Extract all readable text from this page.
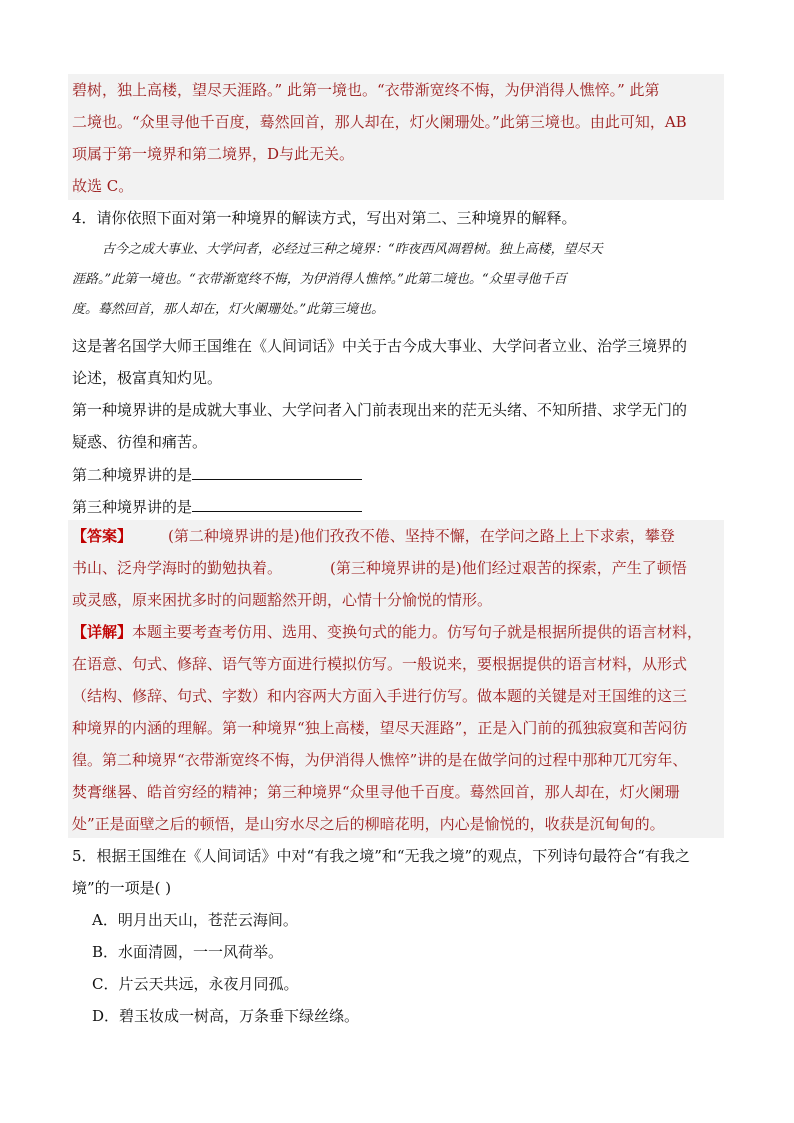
碧树，独上高楼，望尽天涯路。” 此第一境也。“衣带渐宽终不悔，为伊消得人憔悴。” 此第
二境也。“众里寻他千百度，蓦然回首，那人却在，灯火阑珊处。”此第三境也。由此可知，AB
项属于第一境界和第二境界，D与此无关。
故选 C。
4．请你依照下面对第一种境界的解读方式，写出对第二、三种境界的解释。
古今之成大事业、大学问者，必经过三种之境界：“昨夜西风凋碧树。独上高楼，望尽天
涯路。”此第一境也。“衣带渐宽终不悔，为伊消得人憔悴。”此第二境也。“众里寻他千百
度。蓦然回首，那人却在，灯火阑珊处。”此第三境也。
这是著名国学大师王国维在《人间词话》中关于古今成大事业、大学问者立业、治学三境界的
论述，极富真知灼见。
第一种境界讲的是成就大事业、大学问者入门前表现出来的茫无头绪、不知所措、求学无门的
疑惑、彷徨和痛苦。
第二种境界讲的是
第三种境界讲的是
【答案】 (第二种境界讲的是)他们孜孜不倦、坚持不懈，在学问之路上上下求索，攀登
书山、泛舟学海时的勤勉执着。	(第三种境界讲的是)他们经过艰苦的探索，产生了顿悟
或灵感，原来困扰多时的问题豁然开朗，心情十分愉悦的情形。
【详解】本题主要考查考仿用、选用、变换句式的能力。仿写句子就是根据所提供的语言材料，
在语意、句式、修辞、语气等方面进行模拟仿写。一般说来，要根据提供的语言材料，从形式
（结构、修辞、句式、字数）和内容两大方面入手进行仿写。做本题的关键是对王国维的这三
种境界的内涵的理解。第一种境界“独上高楼，望尽天涯路”，正是入门前的孤独寂寞和苦闷彷
徨。第二种境界“衣带渐宽终不悔，为伊消得人憔悴”讲的是在做学问的过程中那种兀兀穷年、
焚膏继晷、皓首穷经的精神；第三种境界“众里寻他千百度。蓦然回首，那人却在，灯火阑珊
处”正是面壁之后的顿悟，是山穷水尽之后的柳暗花明，内心是愉悦的，收获是沉甸甸的。
5．根据王国维在《人间词话》中对“有我之境”和“无我之境”的观点，下列诗句最符合“有我之
境”的一项是( )
A．明月出天山，苍茫云海间。
B．水面清圆，一一风荷举。
C．片云天共远，永夜月同孤。
D．碧玉妆成一树高，万条垂下绿丝绦。
